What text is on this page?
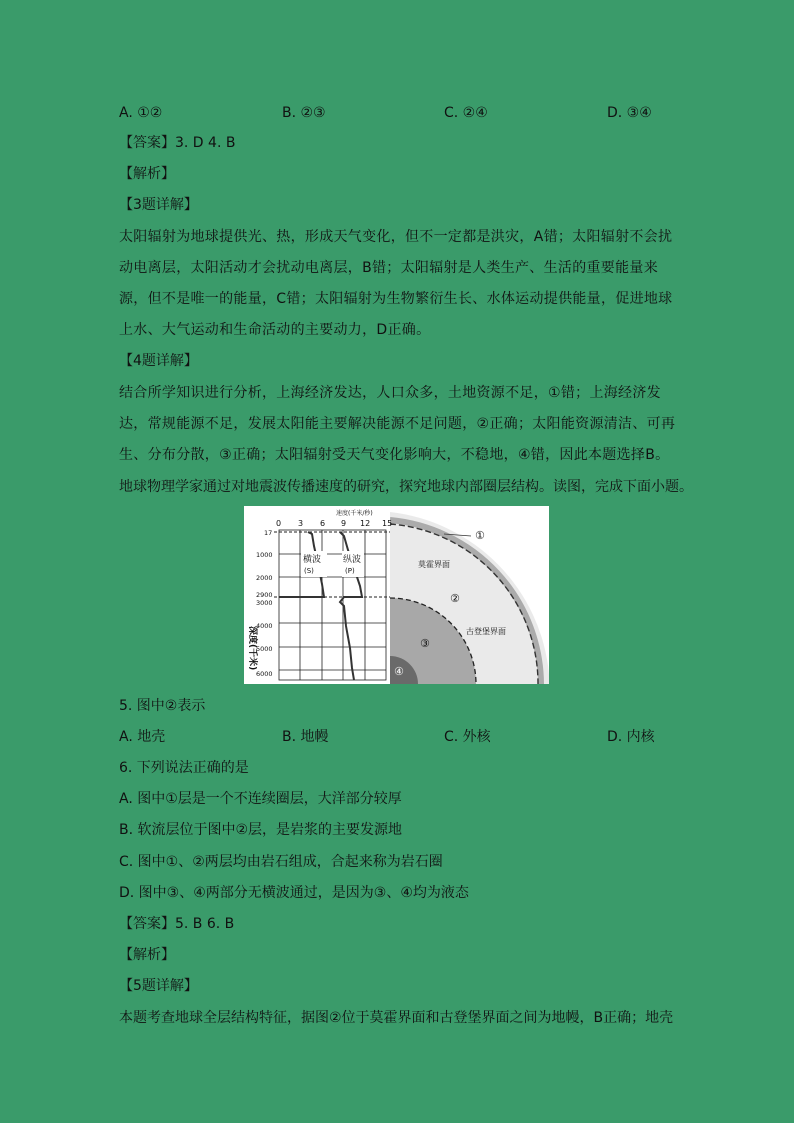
A. ①②	B. ②③	C. ②④	D. ③④
【答案】3. D 4. B
【解析】
【3题详解】
太阳辐射为地球提供光、热，形成天气变化，但不一定都是洪灾，A错；太阳辐射不会扰动电离层，太阳活动才会扰动电离层，B错；太阳辐射是人类生产、生活的重要能量来源，但不是唯一的能量，C错；太阳辐射为生物繁衍生长、水体运动提供能量，促进地球上水、大气运动和生命活动的主要动力，D正确。
【4题详解】
结合所学知识进行分析，上海经济发达，人口众多，土地资源不足，①错；上海经济发达，常规能源不足，发展太阳能主要解决能源不足问题，②正确；太阳能资源清洁、可再生、分布分散，③正确；太阳辐射受天气变化影响大，不稳地，④错，因此本题选择B。
地球物理学家通过对地震波传播速度的研究，探究地球内部圈层结构。读图，完成下面小题。
①
莫霍界面
②
古登堡界面
③
④
速度(千米/秒)
0 3 6 9 12 15
17
1000
2000
2900
3000
4000
5000
6000
深度(千米)
横波
(S)
纵波
(P)
5. 图中②表示
A. 地壳	B. 地幔	C. 外核	D. 内核
6. 下列说法正确的是
A. 图中①层是一个不连续圈层，大洋部分较厚
B. 软流层位于图中②层，是岩浆的主要发源地
C. 图中①、②两层均由岩石组成，合起来称为岩石圈
D. 图中③、④两部分无横波通过，是因为③、④均为液态
【答案】5. B 6. B
【解析】
【5题详解】
本题考查地球全层结构特征，据图②位于莫霍界面和古登堡界面之间为地幔，B正确；地壳
